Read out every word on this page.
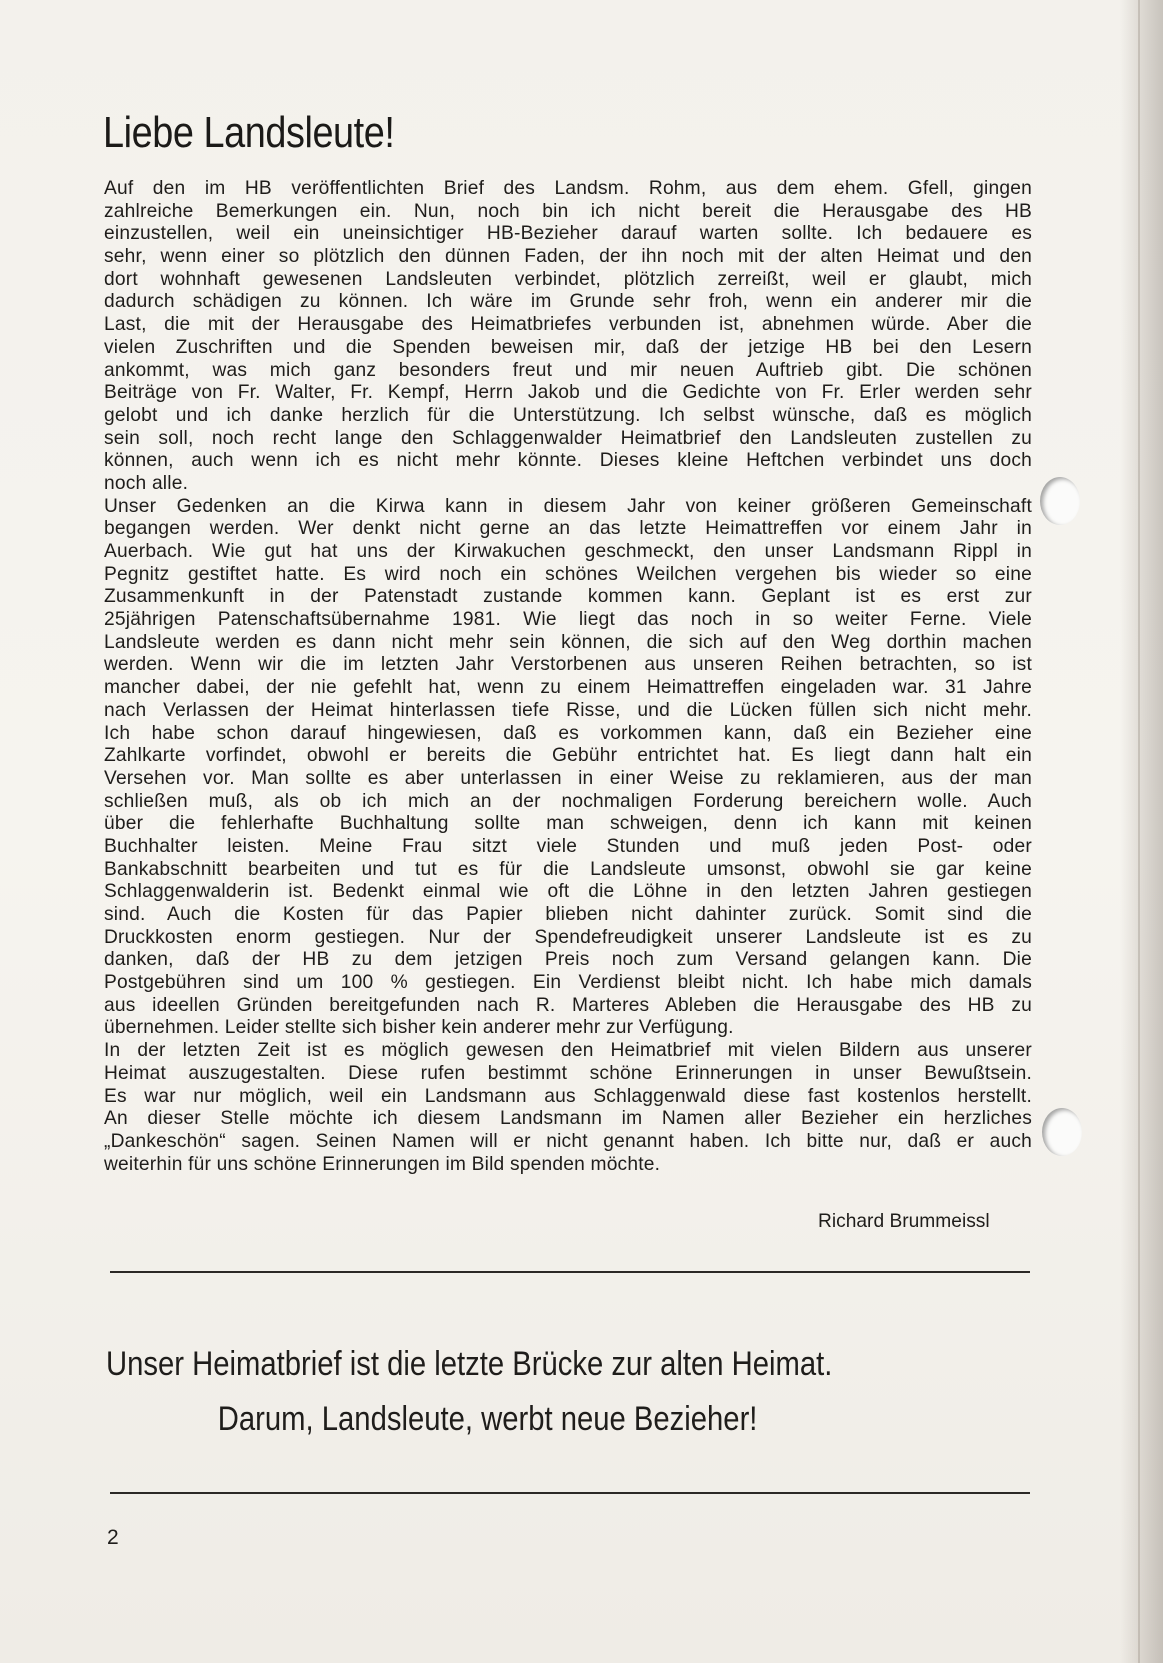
Liebe Landsleute!
Auf den im HB veröffentlichten Brief des Landsm. Rohm, aus dem ehem. Gfell, gingen
zahlreiche Bemerkungen ein. Nun, noch bin ich nicht bereit die Herausgabe des HB
einzustellen, weil ein uneinsichtiger HB-Bezieher darauf warten sollte. Ich bedauere es
sehr, wenn einer so plötzlich den dünnen Faden, der ihn noch mit der alten Heimat und den
dort wohnhaft gewesenen Landsleuten verbindet, plötzlich zerreißt, weil er glaubt, mich
dadurch schädigen zu können. Ich wäre im Grunde sehr froh, wenn ein anderer mir die
Last, die mit der Herausgabe des Heimatbriefes verbunden ist, abnehmen würde. Aber die
vielen Zuschriften und die Spenden beweisen mir, daß der jetzige HB bei den Lesern
ankommt, was mich ganz besonders freut und mir neuen Auftrieb gibt. Die schönen
Beiträge von Fr. Walter, Fr. Kempf, Herrn Jakob und die Gedichte von Fr. Erler werden sehr
gelobt und ich danke herzlich für die Unterstützung. Ich selbst wünsche, daß es möglich
sein soll, noch recht lange den Schlaggenwalder Heimatbrief den Landsleuten zustellen zu
können, auch wenn ich es nicht mehr könnte. Dieses kleine Heftchen verbindet uns doch
noch alle.
Unser Gedenken an die Kirwa kann in diesem Jahr von keiner größeren Gemeinschaft
begangen werden. Wer denkt nicht gerne an das letzte Heimattreffen vor einem Jahr in
Auerbach. Wie gut hat uns der Kirwakuchen geschmeckt, den unser Landsmann Rippl in
Pegnitz gestiftet hatte. Es wird noch ein schönes Weilchen vergehen bis wieder so eine
Zusammenkunft in der Patenstadt zustande kommen kann. Geplant ist es erst zur
25jährigen Patenschaftsübernahme 1981. Wie liegt das noch in so weiter Ferne. Viele
Landsleute werden es dann nicht mehr sein können, die sich auf den Weg dorthin machen
werden. Wenn wir die im letzten Jahr Verstorbenen aus unseren Reihen betrachten, so ist
mancher dabei, der nie gefehlt hat, wenn zu einem Heimattreffen eingeladen war. 31 Jahre
nach Verlassen der Heimat hinterlassen tiefe Risse, und die Lücken füllen sich nicht mehr.
Ich habe schon darauf hingewiesen, daß es vorkommen kann, daß ein Bezieher eine
Zahlkarte vorfindet, obwohl er bereits die Gebühr entrichtet hat. Es liegt dann halt ein
Versehen vor. Man sollte es aber unterlassen in einer Weise zu reklamieren, aus der man
schließen muß, als ob ich mich an der nochmaligen Forderung bereichern wolle. Auch
über die fehlerhafte Buchhaltung sollte man schweigen, denn ich kann mit keinen
Buchhalter leisten. Meine Frau sitzt viele Stunden und muß jeden Post- oder
Bankabschnitt bearbeiten und tut es für die Landsleute umsonst, obwohl sie gar keine
Schlaggenwalderin ist. Bedenkt einmal wie oft die Löhne in den letzten Jahren gestiegen
sind. Auch die Kosten für das Papier blieben nicht dahinter zurück. Somit sind die
Druckkosten enorm gestiegen. Nur der Spendefreudigkeit unserer Landsleute ist es zu
danken, daß der HB zu dem jetzigen Preis noch zum Versand gelangen kann. Die
Postgebühren sind um 100 % gestiegen. Ein Verdienst bleibt nicht. Ich habe mich damals
aus ideellen Gründen bereitgefunden nach R. Marteres Ableben die Herausgabe des HB zu
übernehmen. Leider stellte sich bisher kein anderer mehr zur Verfügung.
In der letzten Zeit ist es möglich gewesen den Heimatbrief mit vielen Bildern aus unserer
Heimat auszugestalten. Diese rufen bestimmt schöne Erinnerungen in unser Bewußtsein.
Es war nur möglich, weil ein Landsmann aus Schlaggenwald diese fast kostenlos herstellt.
An dieser Stelle möchte ich diesem Landsmann im Namen aller Bezieher ein herzliches
„Dankeschön“ sagen. Seinen Namen will er nicht genannt haben. Ich bitte nur, daß er auch
weiterhin für uns schöne Erinnerungen im Bild spenden möchte.
Richard Brummeissl
Unser Heimatbrief ist die letzte Brücke zur alten Heimat.
Darum, Landsleute, werbt neue Bezieher!
2
